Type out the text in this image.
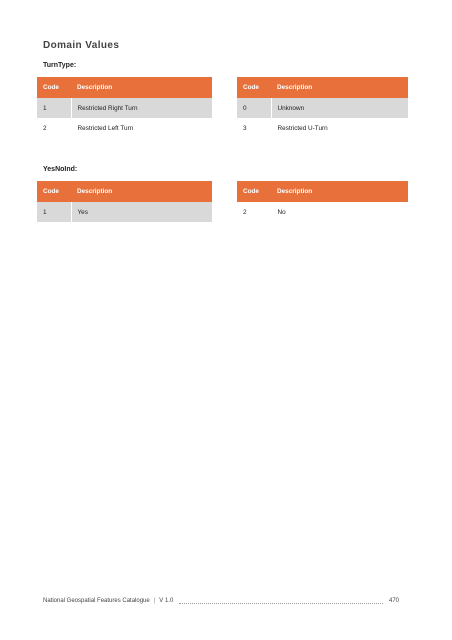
Domain Values
TurnType:
Code	Description
1	Restricted Right Turn
2	Restricted Left Turn
Code	Description
0	Unknown
3	Restricted U-Turn
YesNoInd:
Code	Description
1	Yes
Code	Description
2	No
National Geospatial Features Catalogue | V 1.0	470
